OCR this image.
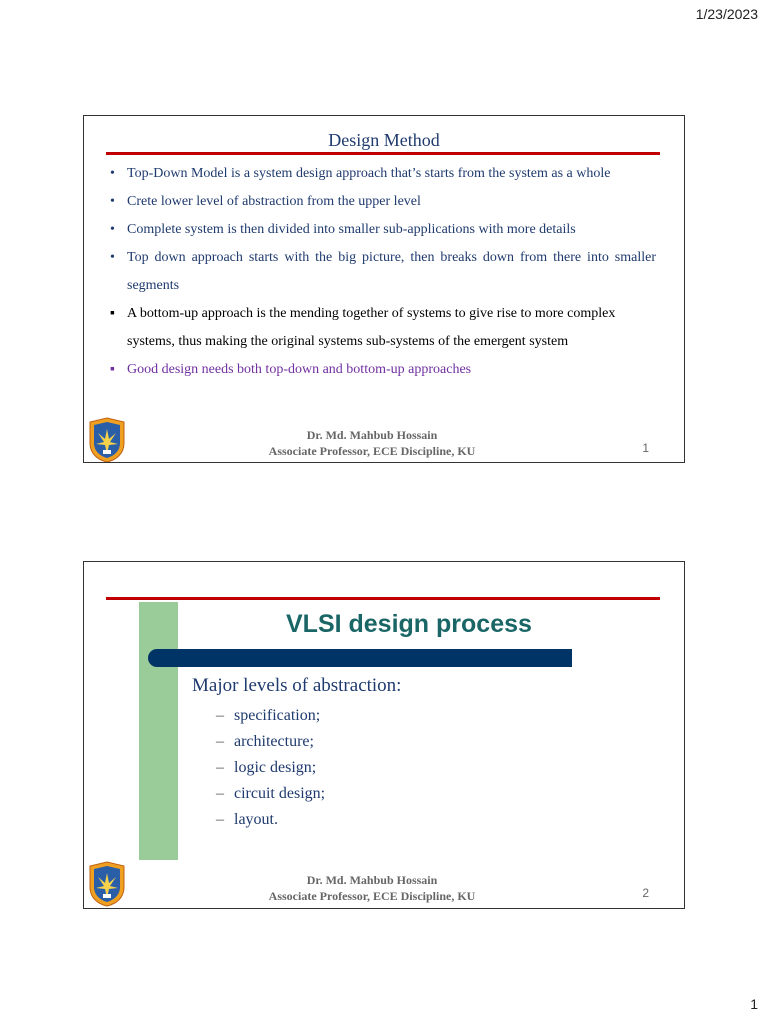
1/23/2023
Design Method
• Top-Down Model is a system design approach that’s starts from the system as a whole
• Crete lower level of abstraction from the upper level
• Complete system is then divided into smaller sub-applications with more details
• Top down approach starts with the big picture, then breaks down from there into smaller segments
▪ A bottom-up approach is the mending together of systems to give rise to more complex systems, thus making the original systems sub-systems of the emergent system
▪ Good design needs both top-down and bottom-up approaches
Dr. Md. Mahbub Hossain
Associate Professor, ECE Discipline, KU	1
VLSI design process
Major levels of abstraction:
– specification;
– architecture;
– logic design;
– circuit design;
– layout.
Dr. Md. Mahbub Hossain
Associate Professor, ECE Discipline, KU	2
1
